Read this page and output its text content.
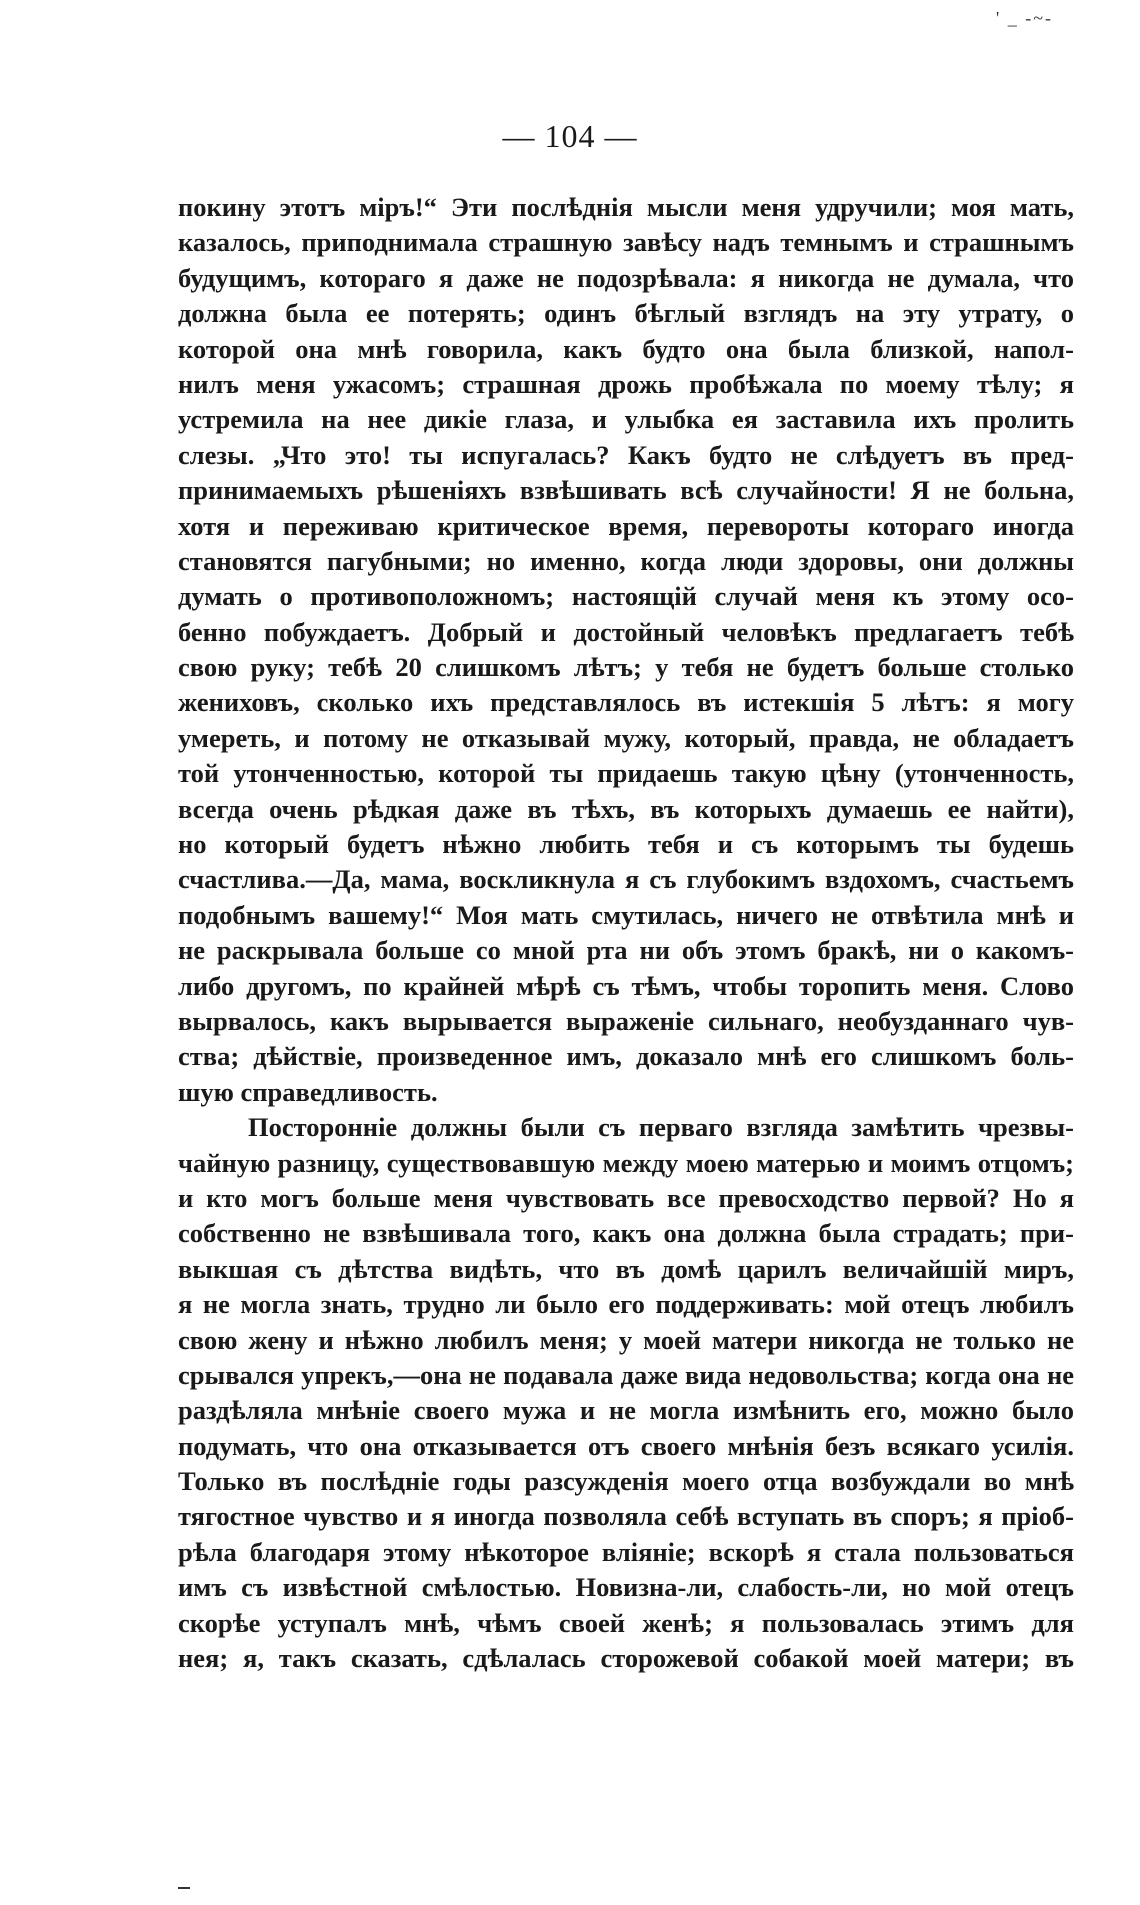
' _ -~-
— 104 —
покину этотъ міръ!“ Эти послѣднія мысли меня удручили; моя мать,
казалось, приподнимала страшную завѣсу надъ темнымъ и страшнымъ
будущимъ, котораго я даже не подозрѣвала: я никогда не думала, что
должна была ее потерять; одинъ бѣглый взглядъ на эту утрату, о
которой она мнѣ говорила, какъ будто она была близкой, напол-
нилъ меня ужасомъ; страшная дрожь пробѣжала по моему тѣлу; я
устремила на нее дикіе глаза, и улыбка ея заставила ихъ пролить
слезы. „Что это! ты испугалась? Какъ будто не слѣдуетъ въ пред-
принимаемыхъ рѣшеніяхъ взвѣшивать всѣ случайности! Я не больна,
хотя и переживаю критическое время, перевороты котораго иногда
становятся пагубными; но именно, когда люди здоровы, они должны
думать о противоположномъ; настоящій случай меня къ этому осо-
бенно побуждаетъ. Добрый и достойный человѣкъ предлагаетъ тебѣ
свою руку; тебѣ 20 слишкомъ лѣтъ; у тебя не будетъ больше столько
жениховъ, сколько ихъ представлялось въ истекшія 5 лѣтъ: я могу
умереть, и потому не отказывай мужу, который, правда, не обладаетъ
той утонченностью, которой ты придаешь такую цѣну (утонченность,
всегда очень рѣдкая даже въ тѣхъ, въ которыхъ думаешь ее найти),
но который будетъ нѣжно любить тебя и съ которымъ ты будешь
счастлива.—Да, мама, воскликнула я съ глубокимъ вздохомъ, счастьемъ
подобнымъ вашему!“ Моя мать смутилась, ничего не отвѣтила мнѣ и
не раскрывала больше со мной рта ни объ этомъ бракѣ, ни о какомъ-
либо другомъ, по крайней мѣрѣ съ тѣмъ, чтобы торопить меня. Слово
вырвалось, какъ вырывается выраженіе сильнаго, необузданнаго чув-
ства; дѣйствіе, произведенное имъ, доказало мнѣ его слишкомъ боль-
шую справедливость.
Посторонніе должны были съ перваго взгляда замѣтить чрезвы-
чайную разницу, существовавшую между моею матерью и моимъ отцомъ;
и кто могъ больше меня чувствовать все превосходство первой? Но я
собственно не взвѣшивала того, какъ она должна была страдать; при-
выкшая съ дѣтства видѣть, что въ домѣ царилъ величайшій миръ,
я не могла знать, трудно ли было его поддерживать: мой отецъ любилъ
свою жену и нѣжно любилъ меня; у моей матери никогда не только не
срывался упрекъ,—она не подавала даже вида недовольства; когда она не
раздѣляла мнѣніе своего мужа и не могла измѣнить его, можно было
подумать, что она отказывается отъ своего мнѣнія безъ всякаго усилія.
Только въ послѣдніе годы разсужденія моего отца возбуждали во мнѣ
тягостное чувство и я иногда позволяла себѣ вступать въ споръ; я пріоб-
рѣла благодаря этому нѣкоторое вліяніе; вскорѣ я стала пользоваться
имъ съ извѣстной смѣлостью. Новизна-ли, слабость-ли, но мой отецъ
скорѣе уступалъ мнѣ, чѣмъ своей женѣ; я пользовалась этимъ для
нея; я, такъ сказать, сдѣлалась сторожевой собакой моей матери; въ
